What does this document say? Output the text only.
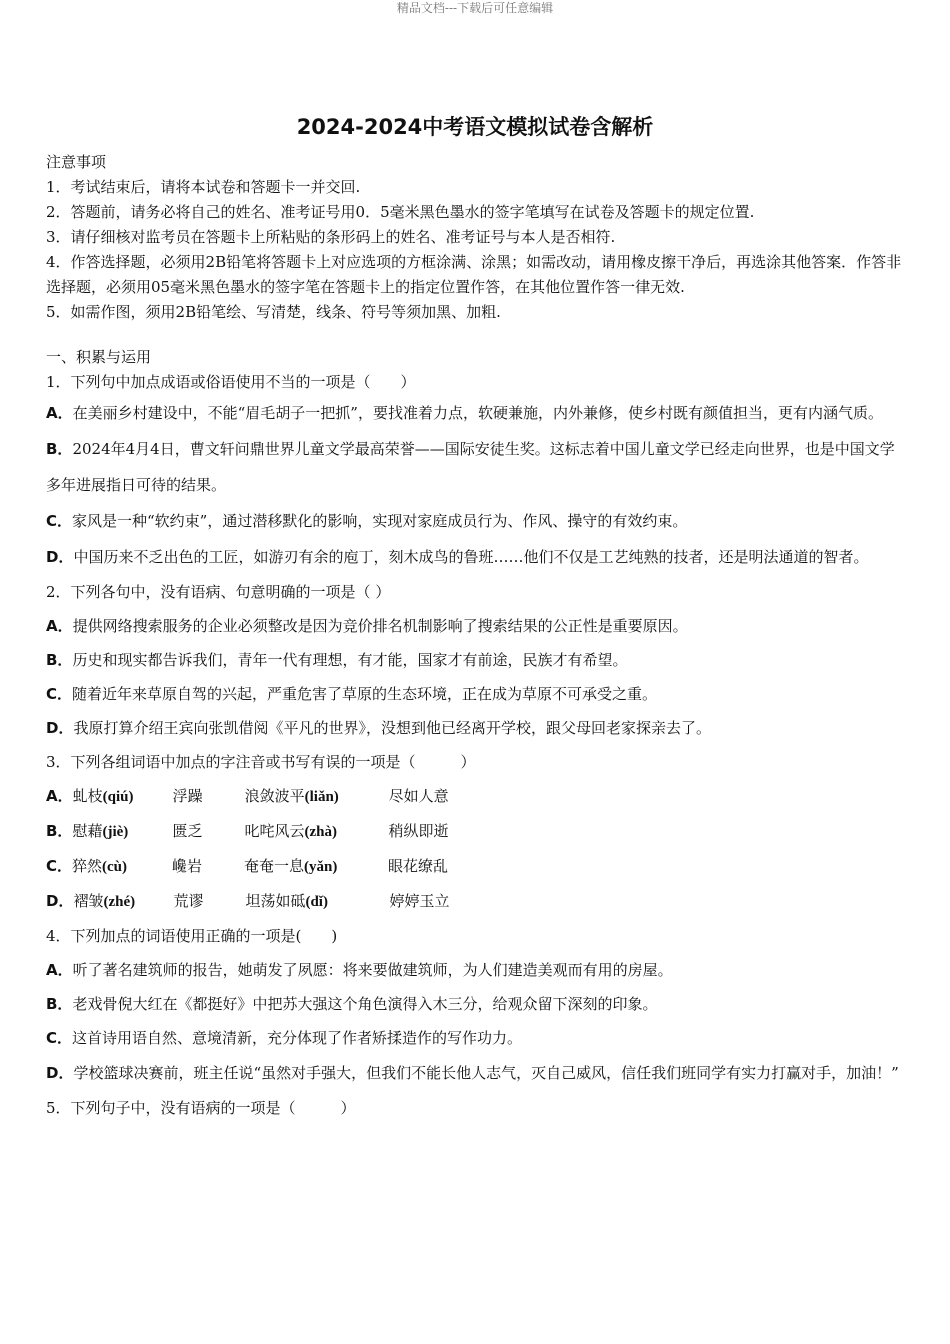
精品文档---下载后可任意编辑
2024-2024中考语文模拟试卷含解析
注意事项
1．考试结束后，请将本试卷和答题卡一并交回.
2．答题前，请务必将自己的姓名、准考证号用0．5毫米黑色墨水的签字笔填写在试卷及答题卡的规定位置.
3．请仔细核对监考员在答题卡上所粘贴的条形码上的姓名、准考证号与本人是否相符.
4．作答选择题，必须用2B铅笔将答题卡上对应选项的方框涂满、涂黑；如需改动，请用橡皮擦干净后，再选涂其他答案．作答非选择题，必须用05毫米黑色墨水的签字笔在答题卡上的指定位置作答，在其他位置作答一律无效.
5．如需作图，须用2B铅笔绘、写清楚，线条、符号等须加黑、加粗.
一、积累与运用
1．下列句中加点成语或俗语使用不当的一项是（　　）
A．在美丽乡村建设中，不能“眉毛胡子一把抓”，要找准着力点，软硬兼施，内外兼修，使乡村既有颜值担当，更有内涵气质。
B．2024年4月4日，曹文轩问鼎世界儿童文学最高荣誉——国际安徒生奖。这标志着中国儿童文学已经走向世界，也是中国文学多年进展指日可待的结果。
C．家风是一种“软约束”，通过潜移默化的影响，实现对家庭成员行为、作风、操守的有效约束。
D．中国历来不乏出色的工匠，如游刃有余的庖丁，刻木成鸟的鲁班……他们不仅是工艺纯熟的技者，还是明法通道的智者。
2．下列各句中，没有语病、句意明确的一项是（ ）
A．提供网络搜索服务的企业必须整改是因为竞价排名机制影响了搜索结果的公正性是重要原因。
B．历史和现实都告诉我们，青年一代有理想，有才能，国家才有前途，民族才有希望。
C．随着近年来草原自驾的兴起，严重危害了草原的生态环境，正在成为草原不可承受之重。
D．我原打算介绍王宾向张凯借阅《平凡的世界》，没想到他已经离开学校，跟父母回老家探亲去了。
3．下列各组词语中加点的字注音或书写有误的一项是（　　　）
A．虬枝(qiú)	浮躁	浪敛波平(liǎn)	尽如人意
B．慰藉(jiè)	匮乏	叱咤风云(zhà)	稍纵即逝
C．猝然(cù)	巉岩	奄奄一息(yǎn)	眼花缭乱
D．褶皱(zhé)	荒谬	坦荡如砥(dǐ)	婷婷玉立
4．下列加点的词语使用正确的一项是(　　)
A．听了著名建筑师的报告，她萌发了夙愿：将来要做建筑师，为人们建造美观而有用的房屋。
B．老戏骨倪大红在《都挺好》中把苏大强这个角色演得入木三分，给观众留下深刻的印象。
C．这首诗用语自然、意境清新，充分体现了作者矫揉造作的写作功力。
D．学校篮球决赛前，班主任说“虽然对手强大，但我们不能长他人志气，灭自己威风，信任我们班同学有实力打赢对手，加油！”
5．下列句子中，没有语病的一项是（　　　）
